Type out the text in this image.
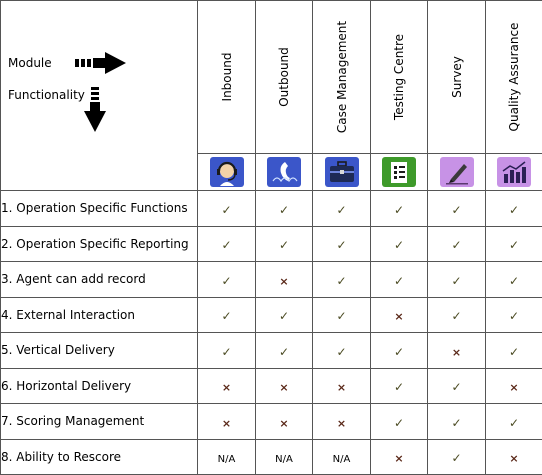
Module
Functionality	Inbound	Outbound	Case Management	Testing Centre	Survey	Quality Assurance

1. Operation Specific Functions	✓	✓	✓	✓	✓	✓
2. Operation Specific Reporting	✓	✓	✓	✓	✓	✓
3. Agent can add record	✓	×	✓	✓	✓	✓
4. External Interaction	✓	✓	✓	×	✓	✓
5. Vertical Delivery	✓	✓	✓	✓	×	✓
6. Horizontal Delivery	×	×	×	✓	✓	×
7. Scoring Management	×	×	×	✓	✓	✓
8. Ability to Rescore	N/A	N/A	N/A	×	✓	×
